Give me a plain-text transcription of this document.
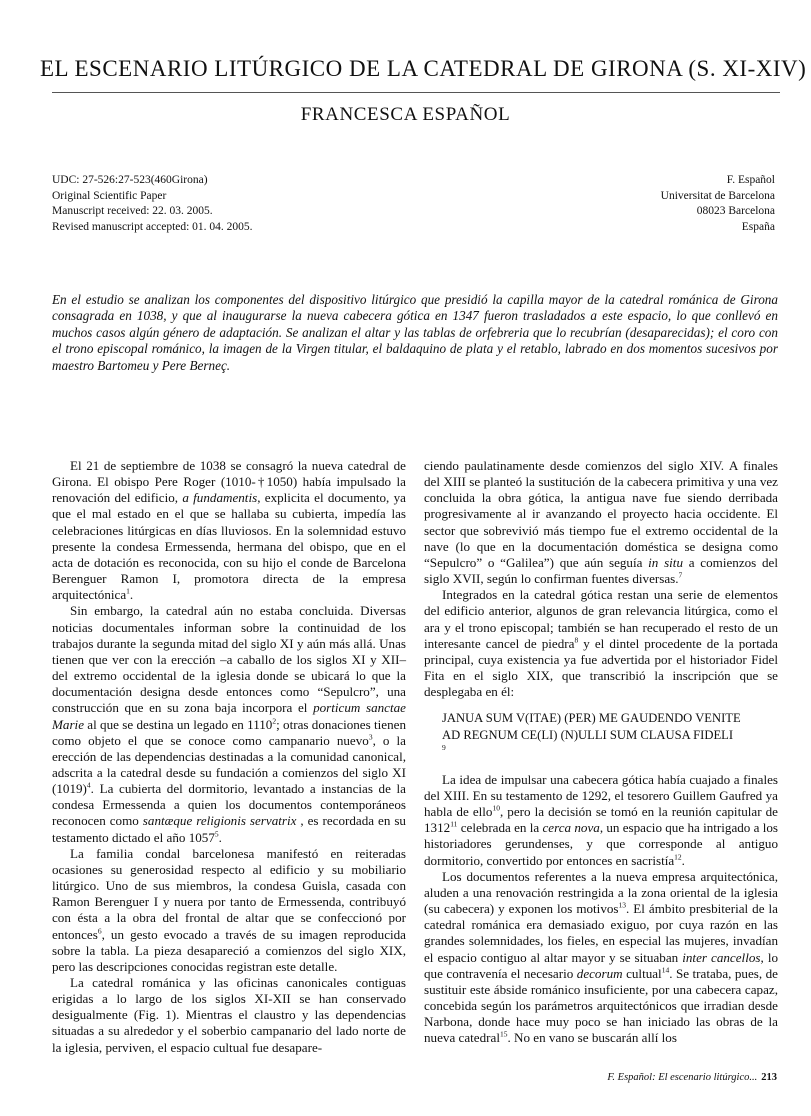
EL ESCENARIO LITÚRGICO DE LA CATEDRAL DE GIRONA (S. XI-XIV)
FRANCESCA ESPAÑOL
UDC: 27-526:27-523(460Girona)
Original Scientific Paper
Manuscript received: 22. 03. 2005.
Revised manuscript accepted: 01. 04. 2005.
F. Español
Universitat de Barcelona
08023 Barcelona
España
En el estudio se analizan los componentes del dispositivo litúrgico que presidió la capilla mayor de la catedral románica de Girona consagrada en 1038, y que al inaugurarse la nueva cabecera gótica en 1347 fueron trasladados a este espacio, lo que conllevó en muchos casos algún género de adaptación. Se analizan el altar y las tablas de orfebreria que lo recubrían (desaparecidas); el coro con el trono episcopal románico, la imagen de la Virgen titular, el baldaquino de plata y el retablo, labrado en dos momentos sucesivos por maestro Bartomeu y Pere Berneç.

El 21 de septiembre de 1038 se consagró la nueva catedral de Girona. El obispo Pere Roger (1010-†1050) había impulsado la renovación del edificio, a fundamentis, explicita el documento, ya que el mal estado en el que se hallaba su cubierta, impedía las celebraciones litúrgicas en días lluviosos. En la solemnidad estuvo presente la condesa Ermessenda, hermana del obispo, que en el acta de dotación es reconocida, con su hijo el conde de Barcelona Berenguer Ramon I, promotora directa de la empresa arquitectónica$^1$.

Sin embargo, la catedral aún no estaba concluida. Diversas noticias documentales informan sobre la continuidad de los trabajos durante la segunda mitad del siglo XI y aún más allá. Unas tienen que ver con la erección –a caballo de los siglos XI y XII– del extremo occidental de la iglesia donde se ubicará lo que la documentación designa desde entonces como “Sepulcro”, una construcción que en su zona baja incorpora el porticum sanctae Marie al que se destina un legado en 1110$^2$; otras donaciones tienen como objeto el que se conoce como campanario nuevo$^3$, o la erección de las dependencias destinadas a la comunidad canonical, adscrita a la catedral desde su fundación a comienzos del siglo XI $(1019)^4$. La cubierta del dormitorio, levantado a instancias de la condesa Ermessenda a quien los documentos contemporáneos reconocen como santæque religionis servatrix , es recordada en su testamento dictado el año 1057$^5$.

La familia condal barcelonesa manifestó en reiteradas ocasiones su generosidad respecto al edificio y su mobiliario litúrgico. Uno de sus miembros, la condesa Guisla, casada con Ramon Berenguer I y nuera por tanto de Ermessenda, contribuyó con ésta a la obra del frontal de altar que se confeccionó por entonces$^6$, un gesto evocado a través de su imagen reproducida sobre la tabla. La pieza desapareció a comienzos del siglo XIX, pero las descripciones conocidas registran este detalle.

La catedral románica y las oficinas canonicales contiguas erigidas a lo largo de los siglos XI-XII se han conservado desigualmente (Fig. 1). Mientras el claustro y las dependencias situadas a su alrededor y el soberbio campanario del lado norte de la iglesia, perviven, el espacio cultual fue desapare-

ciendo paulatinamente desde comienzos del siglo XIV. A finales del XIII se planteó la sustitución de la cabecera primitiva y una vez concluida la obra gótica, la antigua nave fue siendo derribada progresivamente al ir avanzando el proyecto hacia occidente. El sector que sobrevivió más tiempo fue el extremo occidental de la nave (lo que en la documentación doméstica se designa como “Sepulcro” o “Galilea”) que aún seguía in situ a comienzos del siglo XVII, según lo confirman fuentes diversas.$^7$

Integrados en la catedral gótica restan una serie de elementos del edificio anterior, algunos de gran relevancia litúrgica, como el ara y el trono episcopal; también se han recuperado el resto de un interesante cancel de piedra$^8$ y el dintel procedente de la portada principal, cuya existencia ya fue advertida por el historiador Fidel Fita en el siglo XIX, que transcribió la inscripción que se desplegaba en él:

JANUA SUM V(ITAE) (PER) ME GAUDENDO VENITE
AD REGNUM CE(LI) (N)ULLI SUM CLAUSA FIDELI
$^9$

La idea de impulsar una cabecera gótica había cuajado a finales del XIII. En su testamento de 1292, el tesorero Guillem Gaufred ya habla de ello$^{10}$, pero la decisión se tomó en la reunión capitular de 1312$^{11}$ celebrada en la cerca nova, un espacio que ha intrigado a los historiadores gerundenses, y que corresponde al antiguo dormitorio, convertido por entonces en sacristía$^{12}$.

Los documentos referentes a la nueva empresa arquitectónica, aluden a una renovación restringida a la zona oriental de la iglesia (su cabecera) y exponen los motivos$^{13}$. El ámbito presbiterial de la catedral románica era demasiado exiguo, por cuya razón en las grandes solemnidades, los fieles, en especial las mujeres, invadían el espacio contiguo al altar mayor y se situaban inter cancellos, lo que contravenía el necesario decorum cultual$^{14}$. Se trataba, pues, de sustituir este ábside románico insuficiente, por una cabecera capaz, concebida según los parámetros arquitectónicos que irradian desde Narbona, donde hace muy poco se han iniciado las obras de la nueva catedral$^{15}$. No en vano se buscarán allí los

F. Español: El escenario litúrgico... 213
